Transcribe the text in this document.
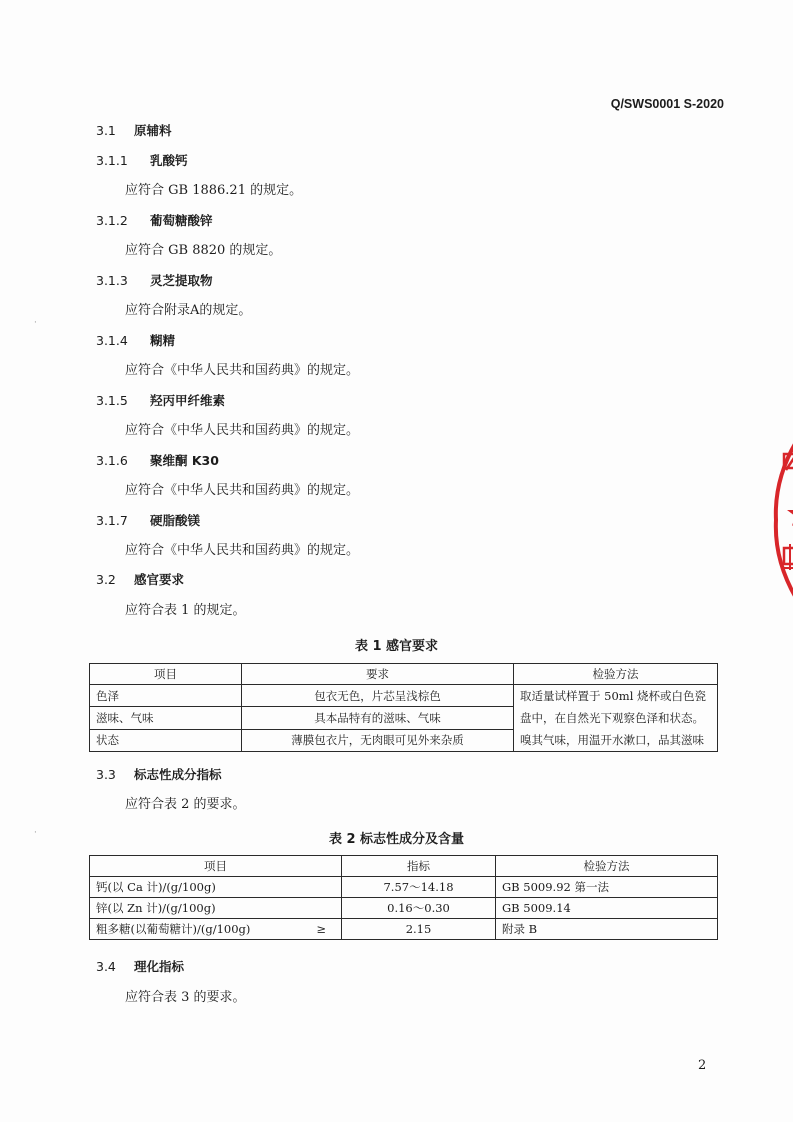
Q/SWS0001 S-2020
3.1 原辅料
3.1.1 乳酸钙
应符合 GB 1886.21 的规定。
3.1.2 葡萄糖酸锌
应符合 GB 8820 的规定。
3.1.3 灵芝提取物
应符合附录A的规定。
3.1.4 糊精
应符合《中华人民共和国药典》的规定。
3.1.5 羟丙甲纤维素
应符合《中华人民共和国药典》的规定。
3.1.6 聚维酮 K30
应符合《中华人民共和国药典》的规定。
3.1.7 硬脂酸镁
应符合《中华人民共和国药典》的规定。
3.2 感官要求
应符合表 1 的规定。
表 1 感官要求
项目	要求	检验方法
色泽	包衣无色，片芯呈浅棕色	取适量试样置于 50ml 烧杯或白色瓷盘中，在自然光下观察色泽和状态。嗅其气味，用温开水漱口，品其滋味
滋味、气味	具本品特有的滋味、气味	
状态	薄膜包衣片，无肉眼可见外来杂质	
3.3 标志性成分指标
应符合表 2 的要求。
表 2 标志性成分及含量
项目		指标	检验方法
钙(以 Ca 计)/(g/100g)		7.57～14.18	GB 5009.92 第一法
锌(以 Zn 计)/(g/100g)		0.16～0.30	GB 5009.14
粗多糖(以葡萄糖计)/(g/100g)	≥	2.15	附录 B
3.4 理化指标
应符合表 3 的要求。
2
·
·
